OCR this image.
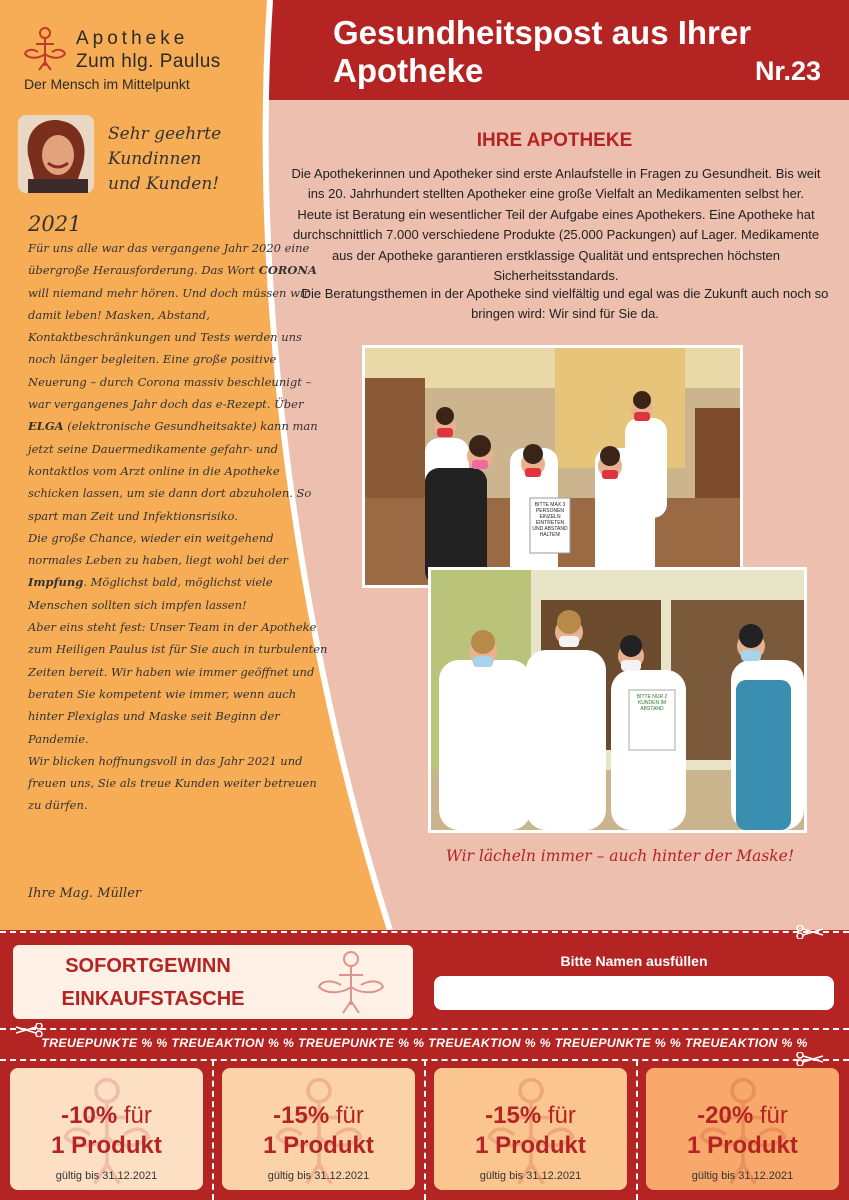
Gesundheitspost aus Ihrer Apotheke	Nr.23
Apotheke
Zum hlg. Paulus
Der Mensch im Mittelpunkt
Sehr geehrte Kundinnen und Kunden!
2021

Für uns alle war das vergangene Jahr 2020 eine übergroße Herausforderung. Das Wort CORONA will niemand mehr hören. Und doch müssen wir damit leben! Masken, Abstand, Kontaktbeschränkungen und Tests werden uns noch länger begleiten. Eine große positive Neuerung – durch Corona massiv beschleunigt – war vergangenes Jahr doch das e-Rezept. Über ELGA (elektronische Gesundheitsakte) kann man jetzt seine Dauermedikamente gefahr- und kontaktlos vom Arzt online in die Apotheke schicken lassen, um sie dann dort abzuholen. So spart man Zeit und Infektionsrisiko.

Die große Chance, wieder ein weitgehend normales Leben zu haben, liegt wohl bei der Impfung. Möglichst bald, möglichst viele Menschen sollten sich impfen lassen!

Aber eins steht fest: Unser Team in der Apotheke zum Heiligen Paulus ist für Sie auch in turbulenten Zeiten bereit. Wir haben wie immer geöffnet und beraten Sie kompetent wie immer, wenn auch hinter Plexiglas und Maske seit Beginn der Pandemie.

Wir blicken hoffnungsvoll in das Jahr 2021 und freuen uns, Sie als treue Kunden weiter betreuen zu dürfen.

Ihre Mag. Müller
IHRE APOTHEKE
Die Apothekerinnen und Apotheker sind erste Anlaufstelle in Fragen zu Gesundheit. Bis weit ins 20. Jahrhundert stellten Apotheker eine große Vielfalt an Medikamenten selbst her. Heute ist Beratung ein wesentlicher Teil der Aufgabe eines Apothekers. Eine Apotheke hat durchschnittlich 7.000 verschiedene Produkte (25.000 Packungen) auf Lager. Medikamente aus der Apotheke garantieren erstklassige Qualität und entsprechen höchsten Sicherheitsstandards.
Die Beratungsthemen in der Apotheke sind vielfältig und egal was die Zukunft auch noch so bringen wird: Wir sind für Sie da.
BITTE MAX 3 PERSONEN EINZELN EINTRETEN UND ABSTAND HALTEN!
BITTE NUR 2 KUNDEN IM ABSTAND
Wir lächeln immer – auch hinter der Maske!
SOFORTGEWINN
EINKAUFSTASCHE
Bitte Namen ausfüllen
TREUEPUNKTE % % TREUEAKTION % % TREUEPUNKTE % % TREUEAKTION % % TREUEPUNKTE % % TREUEAKTION % %
-10% für
1 Produkt
gültig bis 31.12.2021
-15% für
1 Produkt
gültig bis 31.12.2021
-15% für
1 Produkt
gültig bis 31.12.2021
-20% für
1 Produkt
gültig bis 31.12.2021
